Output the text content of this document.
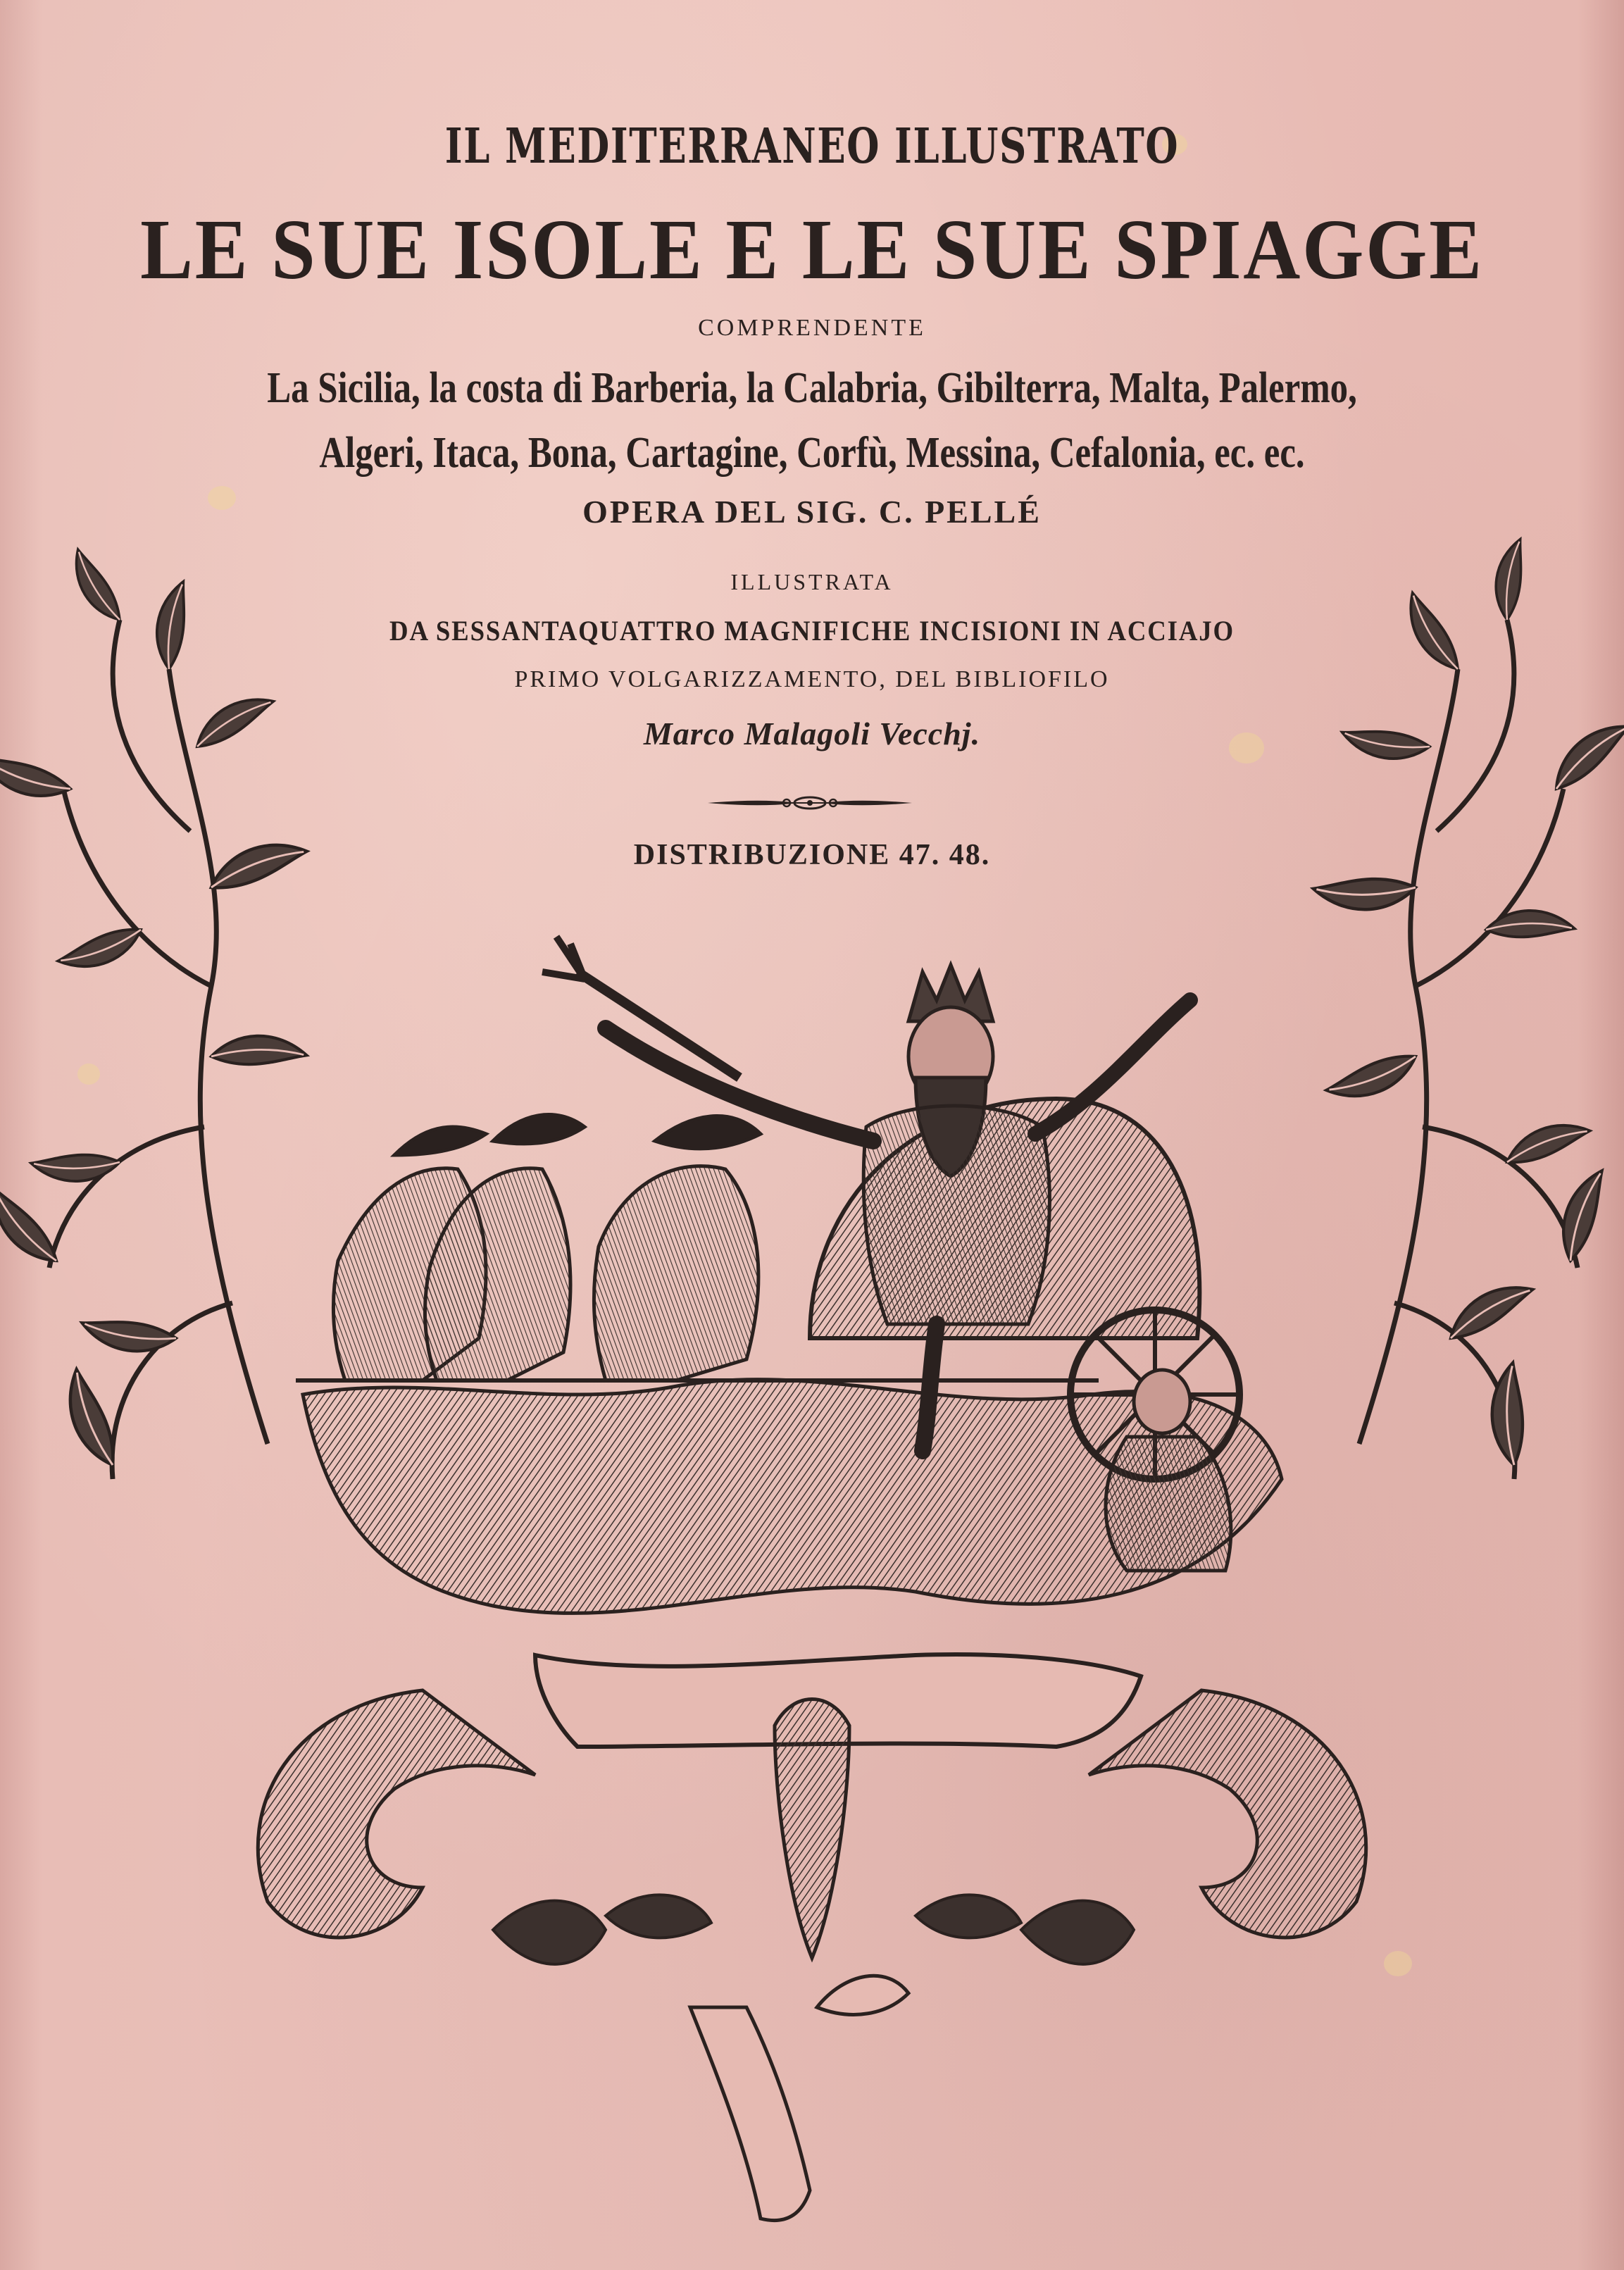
IL MEDITERRANEO ILLUSTRATO
LE SUE ISOLE E LE SUE SPIAGGE
COMPRENDENTE
La Sicilia, la costa di Barberia, la Calabria, Gibilterra, Malta, Palermo,
Algeri, Itaca, Bona, Cartagine, Corfù, Messina, Cefalonia, ec. ec.
OPERA DEL SIG. C. PELLÉ
ILLUSTRATA
DA SESSANTAQUATTRO MAGNIFICHE INCISIONI IN ACCIAJO
PRIMO VOLGARIZZAMENTO, DEL BIBLIOFILO
Marco Malagoli Vecchj.
DISTRIBUZIONE 47. 48.
